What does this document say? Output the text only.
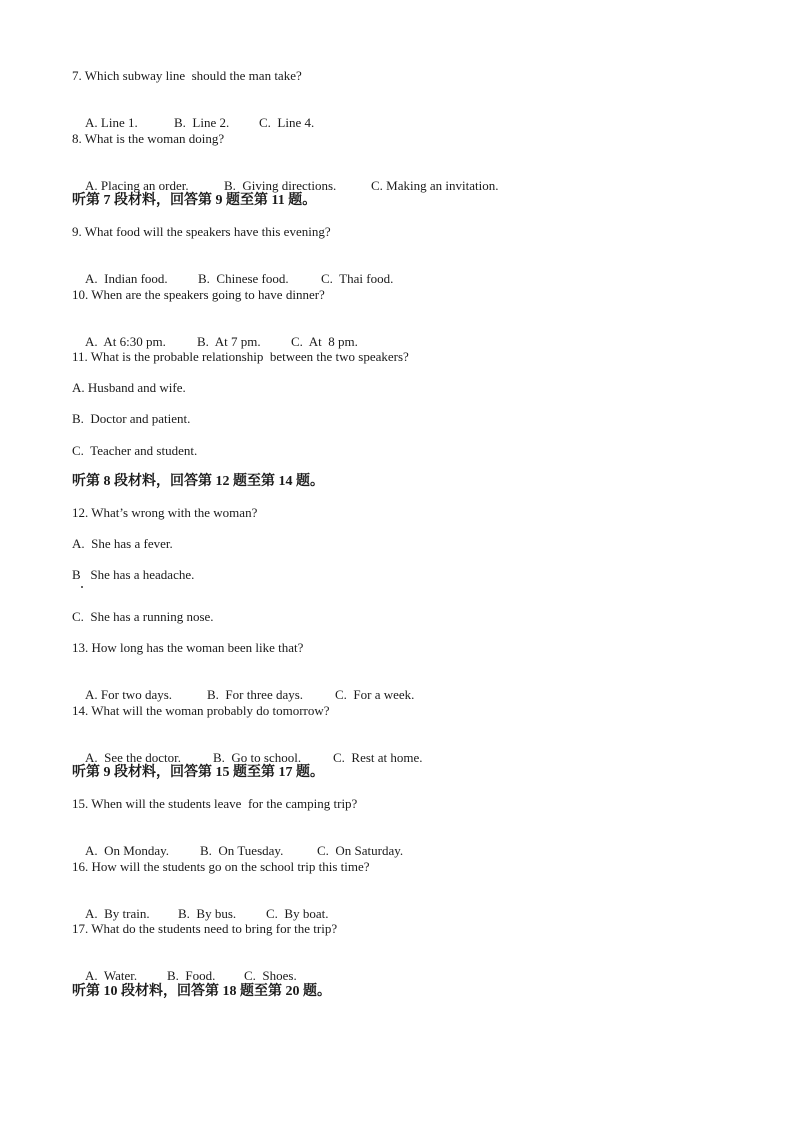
7. Which subway line  should the man take?

A. Line 1.	B.  Line 2. C.  Line 4.

8. What is the woman doing?

A. Placing an order.	B.  Giving directions.	C. Making an invitation.

听第 7 段材料，回答第 9 题至第 11 题。
9. What food will the speakers have this evening?

A.  Indian food. B.  Chinese food. C.  Thai food.

10. When are the speakers going to have dinner?

A.  At 6:30 pm. B.  At 7 pm. C.  At  8 pm.

11. What is the probable relationship  between the two speakers?
A. Husband and wife.
B.  Doctor and patient.
C.  Teacher and student.
听第 8 段材料，回答第 12 题至第 14 题。
12. What’s wrong with the woman?
A.  She has a fever.
B   She has a headache.
C.  She has a running nose.
13. How long has the woman been like that?

A. For two days.	B.  For three days. C.  For a week.

14. What will the woman probably do tomorrow?

A.  See the doctor. B.  Go to school. C.  Rest at home.

听第 9 段材料，回答第 15 题至第 17 题。
15. When will the students leave  for the camping trip?

A.  On Monday. B.  On Tuesday.	C.  On Saturday.

16. How will the students go on the school trip this time?

A.  By train. B.  By bus. C.  By boat.

17. What do the students need to bring for the trip?

A.  Water. B.  Food. C.  Shoes.

听第 10 段材料，回答第 18 题至第 20 题。
